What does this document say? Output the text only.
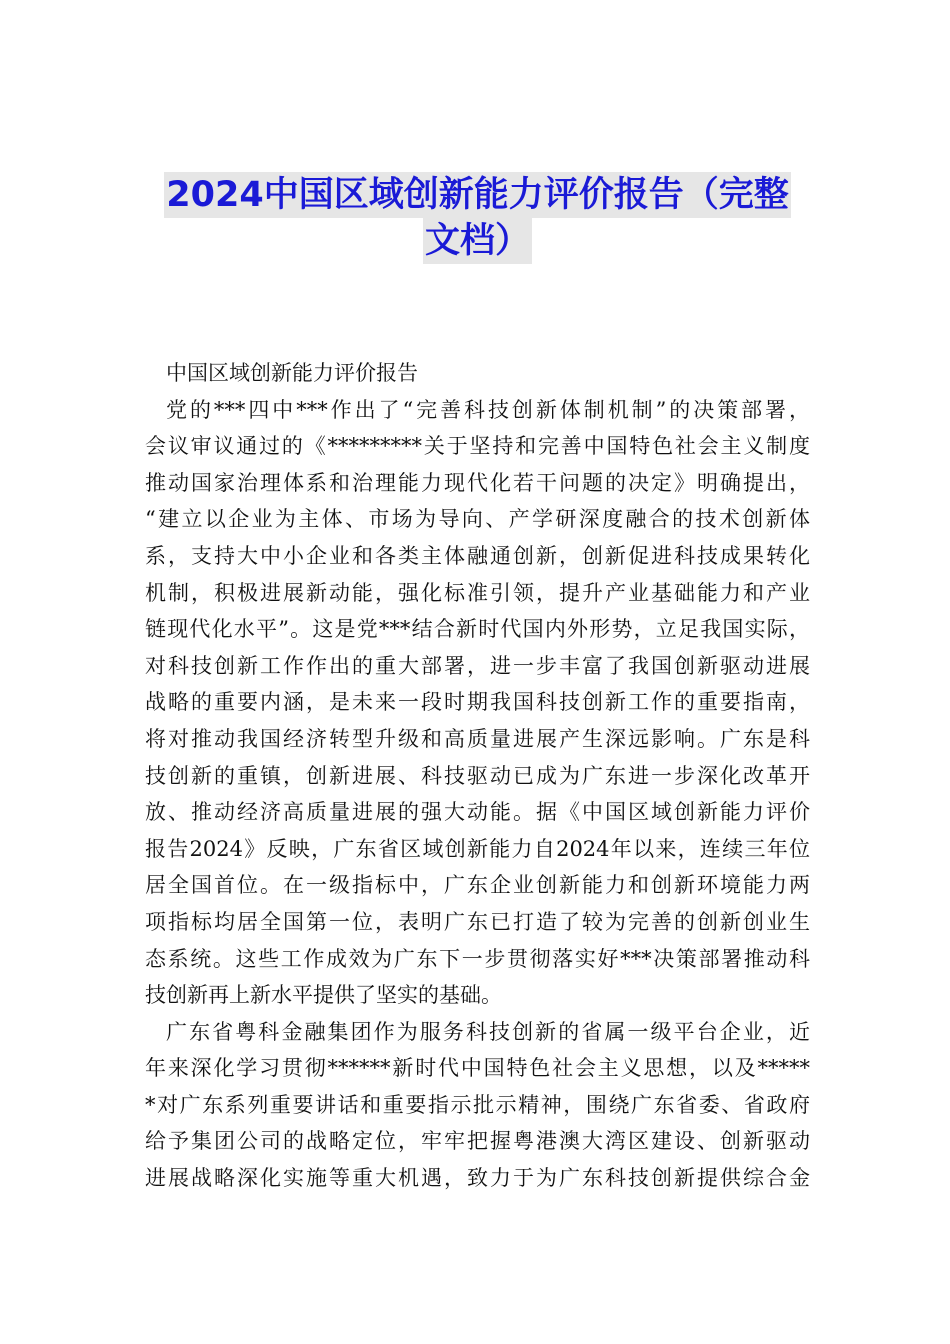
2024中国区域创新能力评价报告（完整
文档）
中国区域创新能力评价报告
党的***四中***作出了“完善科技创新体制机制”的决策部署，
会议审议通过的《*********关于坚持和完善中国特色社会主义制度
推动国家治理体系和治理能力现代化若干问题的决定》明确提出，
“建立以企业为主体、市场为导向、产学研深度融合的技术创新体
系，支持大中小企业和各类主体融通创新，创新促进科技成果转化
机制，积极进展新动能，强化标准引领，提升产业基础能力和产业
链现代化水平”。这是党***结合新时代国内外形势，立足我国实际，
对科技创新工作作出的重大部署，进一步丰富了我国创新驱动进展
战略的重要内涵，是未来一段时期我国科技创新工作的重要指南，
将对推动我国经济转型升级和高质量进展产生深远影响。广东是科
技创新的重镇，创新进展、科技驱动已成为广东进一步深化改革开
放、推动经济高质量进展的强大动能。据《中国区域创新能力评价
报告2024》反映，广东省区域创新能力自2024年以来，连续三年位
居全国首位。在一级指标中，广东企业创新能力和创新环境能力两
项指标均居全国第一位，表明广东已打造了较为完善的创新创业生
态系统。这些工作成效为广东下一步贯彻落实好***决策部署推动科
技创新再上新水平提供了坚实的基础。
广东省粤科金融集团作为服务科技创新的省属一级平台企业，近
年来深化学习贯彻******新时代中国特色社会主义思想，以及*****
*对广东系列重要讲话和重要指示批示精神，围绕广东省委、省政府
给予集团公司的战略定位，牢牢把握粤港澳大湾区建设、创新驱动
进展战略深化实施等重大机遇，致力于为广东科技创新提供综合金
